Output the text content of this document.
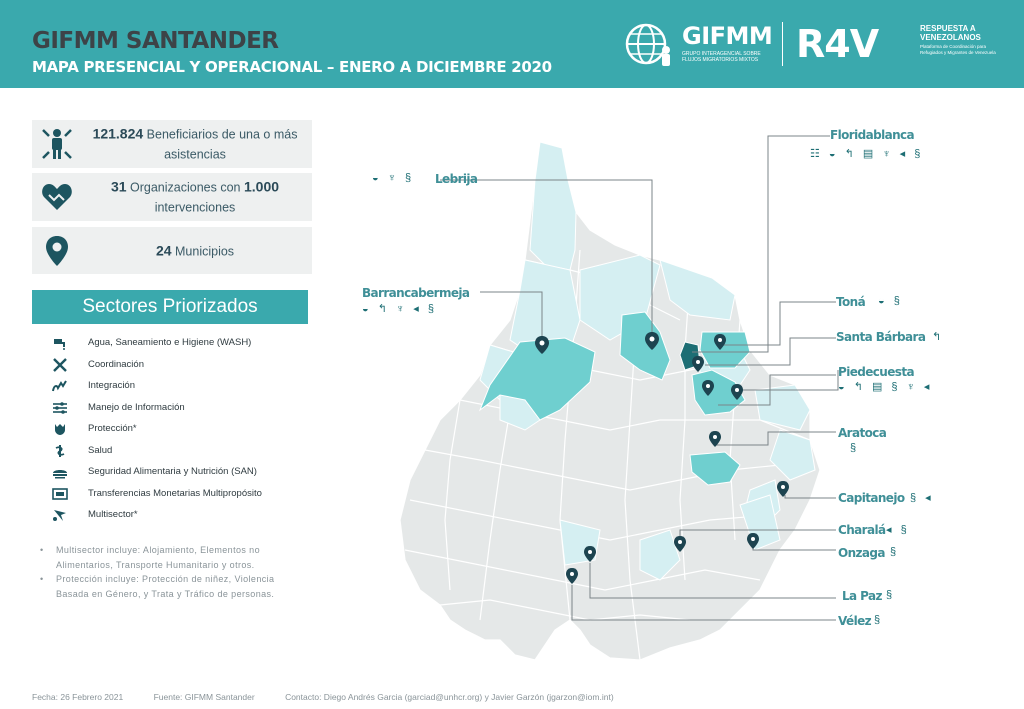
GIFMM SANTANDER
MAPA PRESENCIAL Y OPERACIONAL – ENERO A DICIEMBRE 2020
GIFMM
GRUPO INTERAGENCIAL SOBRE FLUJOS MIGRATORIOS MIXTOS R4V	RESPUESTA A VENEZOLANOS
Plataforma de Coordinación para Refugiados y Migrantes de Venezuela
121.824 Beneficiarios de una o más asistencias
31 Organizaciones con 1.000 intervenciones
24 Municipios
Sectores Priorizados
Agua, Saneamiento e Higiene (WASH)
Coordinación
Integración
Manejo de Información
Protección*
Salud
Seguridad Alimentaria y Nutrición (SAN)
Transferencias Monetarias Multipropósito
Multisector*
• Multisector incluye: Alojamiento, Elementos no Alimentarios, Transporte Humanitario y otros.
• Protección incluye: Protección de niñez, Violencia Basada en Género, y Trata y Tráfico de personas.
Fecha: 26 Febrero 2021	Fuente: GIFMM Santander	Contacto: Diego Andrés Garcia (garciad@unhcr.org) y Javier Garzón (jgarzon@iom.int)
Floridablanca
☷ ◒ ↰ ▤ ♆ ◂ §
Lebrija
◒ ♆ §
Barrancabermeja
◒ ↰ ♆ ◂ §	Toná ◒ §
Santa Bárbara ↰
Piedecuesta
◒ ↰ ▤ § ♆ ◂
Aratoca
§
Capitanejo § ◂
Charalá ◂ §
Onzaga §
La Paz §
Vélez §
